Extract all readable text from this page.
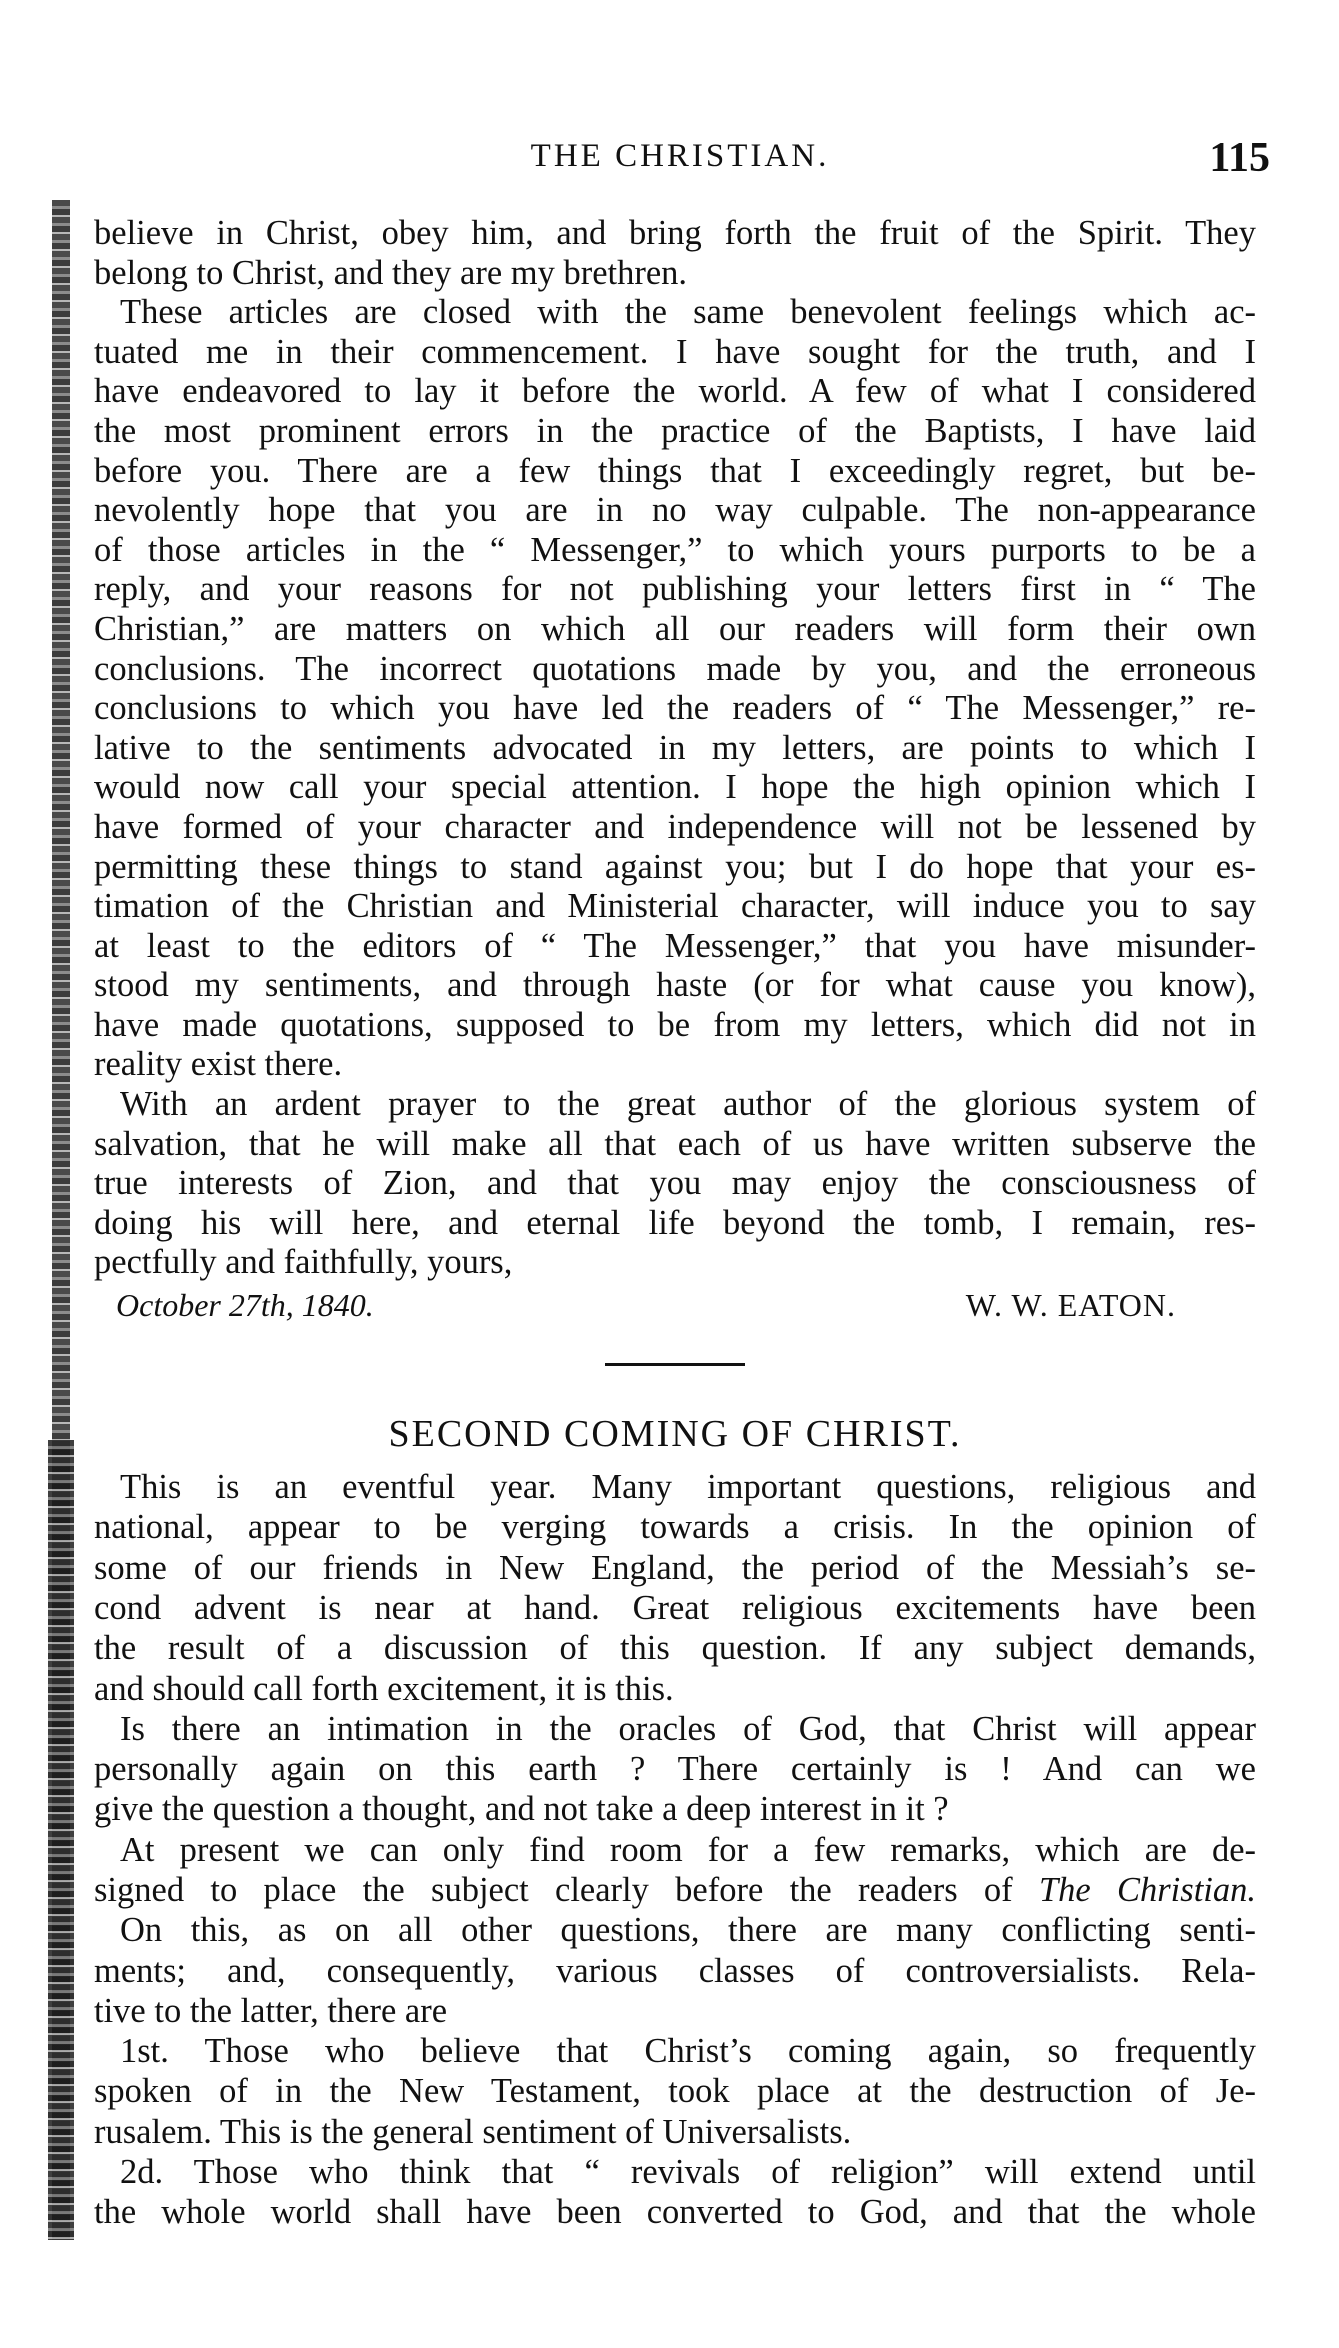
THE CHRISTIAN.	115
believe in Christ, obey him, and bring forth the fruit of the Spirit. They
belong to Christ, and they are my brethren.
These articles are closed with the same benevolent feelings which ac-
tuated me in their commencement. I have sought for the truth, and I
have endeavored to lay it before the world. A few of what I considered
the most prominent errors in the practice of the Baptists, I have laid
before you. There are a few things that I exceedingly regret, but be-
nevolently hope that you are in no way culpable. The non-appearance
of those articles in the “ Messenger,” to which yours purports to be a
reply, and your reasons for not publishing your letters first in “ The
Christian,” are matters on which all our readers will form their own
conclusions. The incorrect quotations made by you, and the erroneous
conclusions to which you have led the readers of “ The Messenger,” re-
lative to the sentiments advocated in my letters, are points to which I
would now call your special attention. I hope the high opinion which I
have formed of your character and independence will not be lessened by
permitting these things to stand against you; but I do hope that your es-
timation of the Christian and Ministerial character, will induce you to say
at least to the editors of “ The Messenger,” that you have misunder-
stood my sentiments, and through haste (or for what cause you know),
have made quotations, supposed to be from my letters, which did not in
reality exist there.
With an ardent prayer to the great author of the glorious system of
salvation, that he will make all that each of us have written subserve the
true interests of Zion, and that you may enjoy the consciousness of
doing his will here, and eternal life beyond the tomb, I remain, res-
pectfully and faithfully, yours,
October 27th, 1840.	W. W. EATON.
SECOND COMING OF CHRIST.
This is an eventful year. Many important questions, religious and
national, appear to be verging towards a crisis. In the opinion of
some of our friends in New England, the period of the Messiah’s se-
cond advent is near at hand. Great religious excitements have been
the result of a discussion of this question. If any subject demands,
and should call forth excitement, it is this.
Is there an intimation in the oracles of God, that Christ will appear
personally again on this earth ? There certainly is ! And can we
give the question a thought, and not take a deep interest in it ?
At present we can only find room for a few remarks, which are de-
signed to place the subject clearly before the readers of The Christian.
On this, as on all other questions, there are many conflicting senti-
ments; and, consequently, various classes of controversialists. Rela-
tive to the latter, there are
1st. Those who believe that Christ’s coming again, so frequently
spoken of in the New Testament, took place at the destruction of Je-
rusalem. This is the general sentiment of Universalists.
2d. Those who think that “ revivals of religion” will extend until
the whole world shall have been converted to God, and that the whole
